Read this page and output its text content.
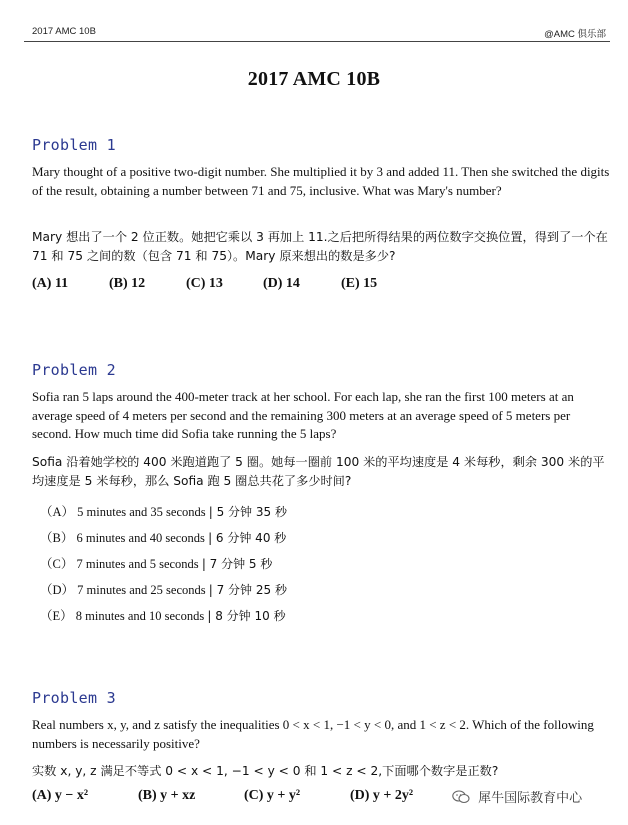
2017 AMC 10B	@AMC 俱乐部
2017 AMC 10B
Problem 1
Mary thought of a positive two-digit number. She multiplied it by 3 and added 11. Then she switched the digits of the result, obtaining a number between 71 and 75, inclusive. What was Mary's number?
Mary 想出了一个 2 位正数。她把它乘以 3 再加上 11.之后把所得结果的两位数字交换位置，得到了一个在 71 和 75 之间的数（包含 71 和 75）。Mary 原来想出的数是多少?
(A) 11	(B) 12	(C) 13	(D) 14	(E) 15
Problem 2
Sofia ran 5 laps around the 400-meter track at her school. For each lap, she ran the first 100 meters at an average speed of 4 meters per second and the remaining 300 meters at an average speed of 5 meters per second. How much time did Sofia take running the 5 laps?
Sofia 沿着她学校的 400 米跑道跑了 5 圈。她每一圈前 100 米的平均速度是 4 米每秒，剩余 300 米的平均速度是 5 米每秒，那么 Sofia 跑 5 圈总共花了多少时间?
（A） 5 minutes and 35 seconds | 5 分钟 35 秒
（B） 6 minutes and 40 seconds | 6 分钟 40 秒
（C） 7 minutes and 5 seconds | 7 分钟 5 秒
（D） 7 minutes and 25 seconds | 7 分钟 25 秒
（E） 8 minutes and 10 seconds | 8 分钟 10 秒
Problem 3
Real numbers x, y, and z satisfy the inequalities 0 < x < 1, −1 < y < 0, and 1 < z < 2. Which of the following numbers is necessarily positive?
实数 x, y, z 满足不等式 0 < x < 1, −1 < y < 0 和 1 < z < 2,下面哪个数字是正数?
(A) y − x²	(B) y + xz	(C) y + y²	(D) y + 2y²	犀牛国际教育中心
